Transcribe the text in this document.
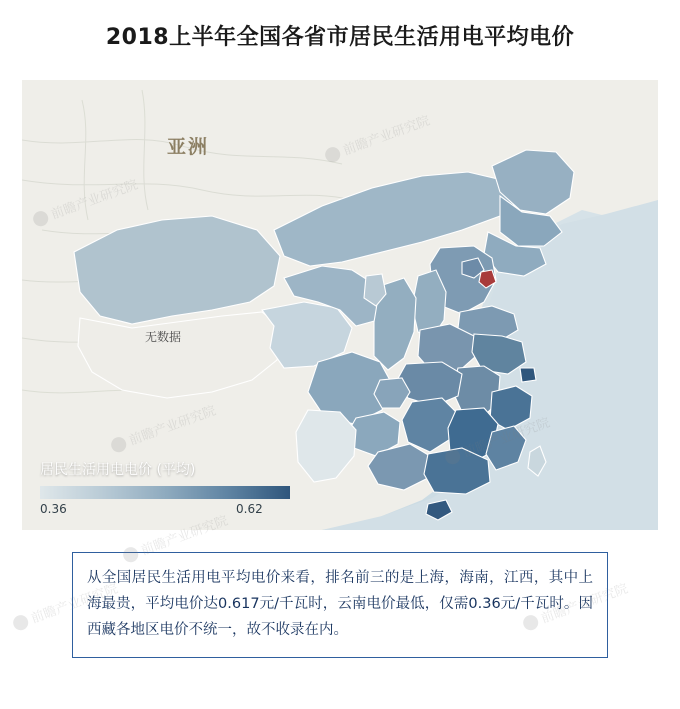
2018上半年全国各省市居民生活用电平均电价
亚洲
无数据
居民生活用电电价 (平均)
0.36	0.62
从全国居民生活用电平均电价来看，排名前三的是上海，海南，江西，其中上海最贵，平均电价达0.617元/千瓦时，云南电价最低，仅需0.36元/千瓦时。因西藏各地区电价不统一，故不收录在内。
前瞻产业研究院
